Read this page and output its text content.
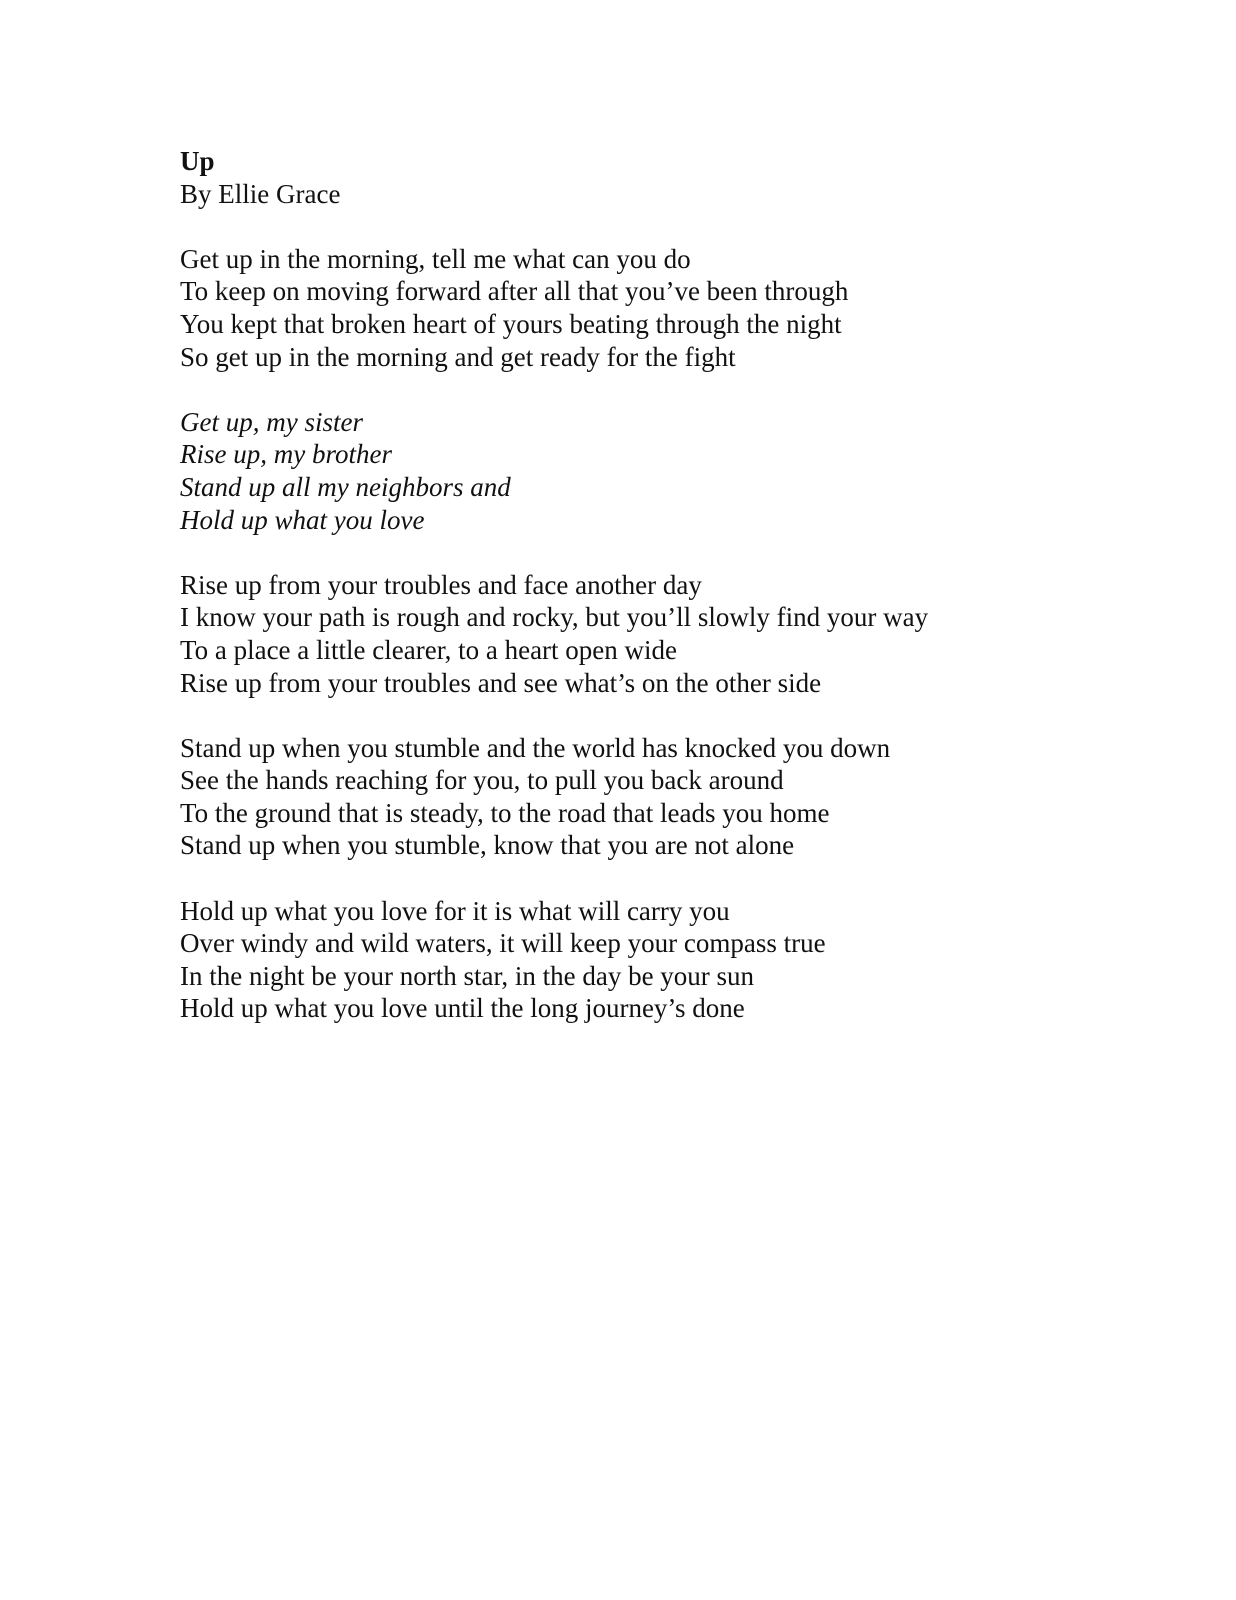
Up
By Ellie Grace
Get up in the morning, tell me what can you do
To keep on moving forward after all that you’ve been through
You kept that broken heart of yours beating through the night
So get up in the morning and get ready for the fight
Get up, my sister
Rise up, my brother
Stand up all my neighbors and
Hold up what you love
Rise up from your troubles and face another day
I know your path is rough and rocky, but you’ll slowly find your way
To a place a little clearer, to a heart open wide
Rise up from your troubles and see what’s on the other side
Stand up when you stumble and the world has knocked you down
See the hands reaching for you, to pull you back around
To the ground that is steady, to the road that leads you home
Stand up when you stumble, know that you are not alone
Hold up what you love for it is what will carry you
Over windy and wild waters, it will keep your compass true
In the night be your north star, in the day be your sun
Hold up what you love until the long journey’s done
